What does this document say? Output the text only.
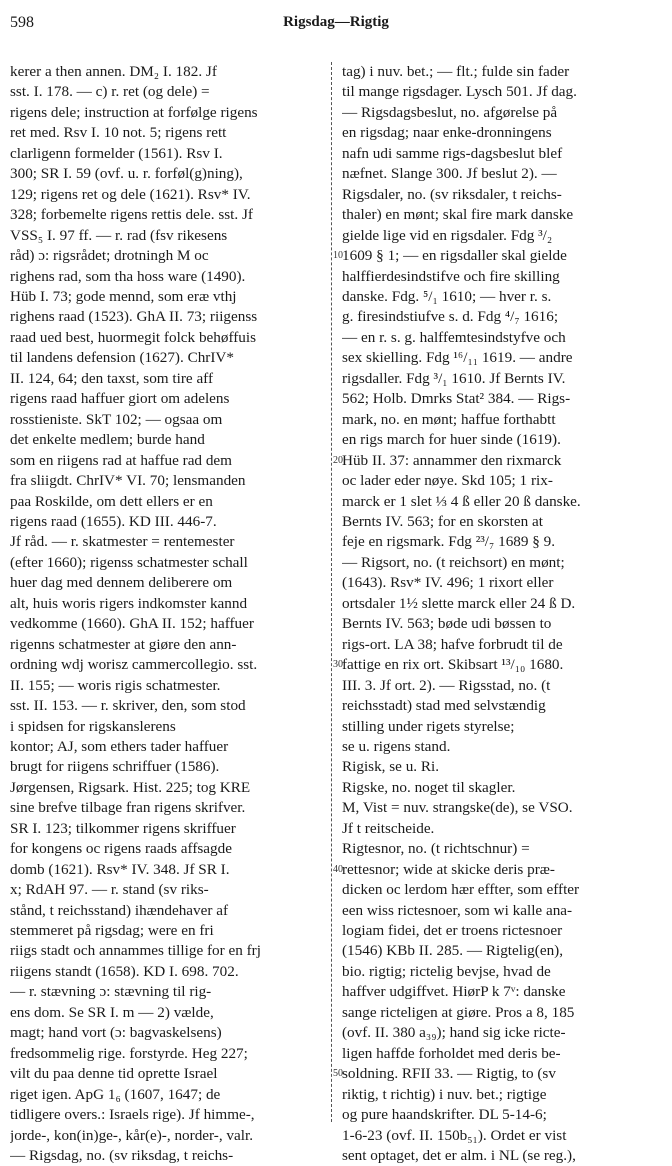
598	Rigsdag—Rigtig
kerer a then annen. DM₂ I. 182. Jf
sst. I. 178. — c) r. ret (og dele) =
rigens dele; instruction at forfølge rigens
ret med. Rsv I. 10 not. 5; rigens rett
clarligenn formelder (1561). Rsv I.
300; SR I. 59 (ovf. u. r. forføl(g)ning),
129; rigens ret og dele (1621). Rsv* IV.
328; forbemelte rigens rettis dele. sst. Jf
VSS₅ I. 97 ff. — r. rad (fsv rikesens
råd) ɔ: rigsrådet; drotningh M oc
righens rad, som tha hoss ware (1490).
Hüb I. 73; gode mennd, som eræ vthj
righens raad (1523). GhA II. 73; riigenss
raad ued best, huormegit folck behøffuis
til landens defension (1627). ChrIV*
II. 124, 64; den taxst, som tire aff
rigens raad haffuer giort om adelens
rosstieniste. SkT 102; — ogsaa om
det enkelte medlem; burde hand
som en riigens rad at haffue rad dem
fra sliigdt. ChrIV* VI. 70; lensmanden
paa Roskilde, om dett ellers er en
rigens raad (1655). KD III. 446-7.
Jf råd. — r. skatmester = rentemester
(efter 1660); rigenss schatmester schall
huer dag med dennem deliberere om
alt, huis woris rigers indkomster kannd
vedkomme (1660). GhA II. 152; haffuer
rigenns schatmester at giøre den ann-
ordning wdj worisz cammercollegio. sst.
II. 155; — woris rigis schatmester.
sst. II. 153. — r. skriver, den, som stod
i spidsen for rigskanslerens
kontor; AJ, som ethers tader haffuer
brugt for riigens schriffuer (1586).
Jørgensen, Rigsark. Hist. 225; tog KRE
sine brefve tilbage fran rigens skrifver.
SR I. 123; tilkommer rigens skriffuer
for kongens oc rigens raads affsagde
domb (1621). Rsv* IV. 348. Jf SR I.
x; RdAH 97. — r. stand (sv riks-
stånd, t reichsstand) ihændehaver af
stemmeret på rigsdag; were en fri
riigs stadt och annammes tillige for en frj
riigens standt (1658). KD I. 698. 702.
— r. stævning ɔ: stævning til rig-
ens dom. Se SR I. m — 2) vælde,
magt; hand vort (ɔ: bagvaskelsens)
fredsommelig rige. forstyrde. Heg 227;
vilt du paa denne tid oprette Israel
riget igen. ApG 1₆ (1607, 1647; de
tidligere overs.: Israels rige). Jf himme-,
jorde-, kon(in)ge-, kår(e)-, norder-, valr.
— Rigsdag, no. (sv riksdag, t reichs-
10
20
30
40
50
tag) i nuv. bet.; — flt.; fulde sin fader
til mange rigsdager. Lysch 501. Jf dag.
— Rigsdagsbeslut, no. afgørelse på
en rigsdag; naar enke-dronningens
nafn udi samme rigs-dagsbeslut blef
næfnet. Slange 300. Jf beslut 2). —
Rigsdaler, no. (sv riksdaler, t reichs-
thaler) en mønt; skal fire mark danske
gielde lige vid en rigsdaler. Fdg ³/₂
1609 § 1; — en rigsdaller skal gielde
halffierdesindstifve och fire skilling
danske. Fdg. ⁵/₁ 1610; — hver r. s.
g. firesindstiufve s. d. Fdg ⁴/₇ 1616;
— en r. s. g. halffemtesindstyfve och
sex skielling. Fdg ¹⁶/₁₁ 1619. — andre
rigsdaller. Fdg ³/₁ 1610. Jf Bernts IV.
562; Holb. Dmrks Stat² 384. — Rigs-
mark, no. en mønt; haffue forthabtt
en rigs march for huer sinde (1619).
Hüb II. 37: annammer den rixmarck
oc lader eder nøye. Skd 105; 1 rix-
marck er 1 slet ⅓ 4 ß eller 20 ß danske.
Bernts IV. 563; for en skorsten at
feje en rigsmark. Fdg ²³/₇ 1689 § 9.
— Rigsort, no. (t reichsort) en mønt;
(1643). Rsv* IV. 496; 1 rixort eller
ortsdaler 1½ slette marck eller 24 ß D.
Bernts IV. 563; bøde udi bøssen to
rigs-ort. LA 38; hafve forbrudt til de
fattige en rix ort. Skibsart ¹³/₁₀ 1680.
III. 3. Jf ort. 2). — Rigsstad, no. (t
reichsstadt) stad med selvstændig
stilling under rigets styrelse;
se u. rigens stand.
Rigisk, se u. Ri.
Rigske, no. noget til skagler.
M, Vist = nuv. strangske(de), se VSO.
Jf t reitscheide.
Rigtesnor, no. (t richtschnur) =
rettesnor; wide at skicke deris præ-
dicken oc lerdom hær effter, som effter
een wiss rictesnoer, som wi kalle ana-
logiam fidei, det er troens rictesnoer
(1546) KBb II. 285. — Rigtelig(en),
bio. rigtig; rictelig bevjse, hvad de
haffver udgiffvet. HiørP k 7ᵛ: danske
sange ricteligen at giøre. Pros a 8, 185
(ovf. II. 380 a₃₉); hand sig icke ricte-
ligen haffde forholdet med deris be-
soldning. RFII 33. — Rigtig, to (sv
riktig, t richtig) i nuv. bet.; rigtige
og pure haandskrifter. DL 5-14-6;
1-6-23 (ovf. II. 150b₅₁). Ordet er vist
sent optaget, det er alm. i NL (se reg.),
